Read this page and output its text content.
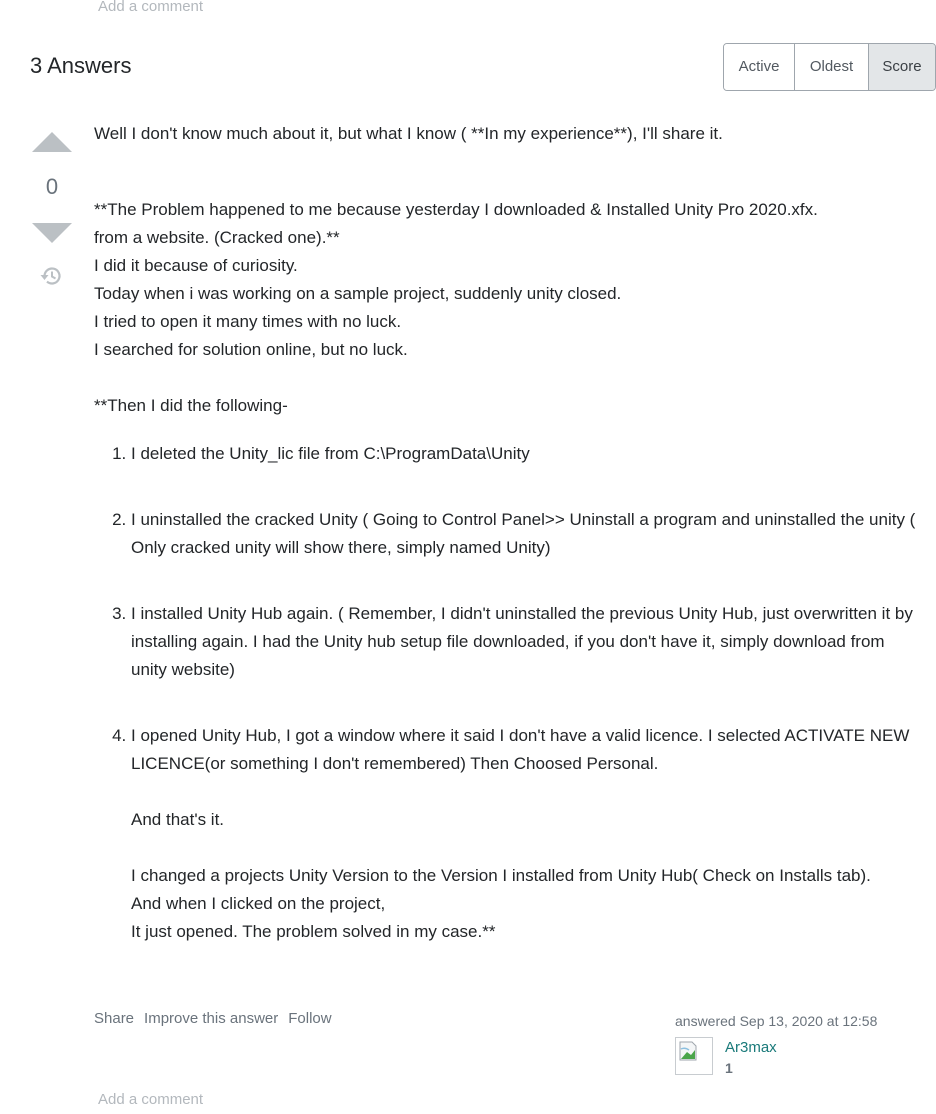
Add a comment
3 Answers	Active	Oldest	Score
0

Well I don't know much about it, but what I know ( **In my experience**), I'll share it.

**The Problem happened to me because yesterday I downloaded & Installed Unity Pro 2020.xfx.
from a website. (Cracked one).**
I did it because of curiosity.
Today when i was working on a sample project, suddenly unity closed.
I tried to open it many times with no luck.
I searched for solution online, but no luck.

**Then I did the following-

1. I deleted the Unity_lic file from C:\ProgramData\Unity
2. I uninstalled the cracked Unity ( Going to Control Panel>> Uninstall a program and uninstalled the unity ( Only cracked unity will show there, simply named Unity)
3. I installed Unity Hub again. ( Remember, I didn't uninstalled the previous Unity Hub, just overwritten it by installing again. I had the Unity hub setup file downloaded, if you don't have it, simply download from unity website)
4. I opened Unity Hub, I got a window where it said I don't have a valid licence. I selected ACTIVATE NEW LICENCE(or something I don't remembered) Then Choosed Personal.
And that's it.
I changed a projects Unity Version to the Version I installed from Unity Hub( Check on Installs tab).
And when I clicked on the project,
It just opened. The problem solved in my case.**
Share Improve this answer Follow	answered Sep 13, 2020 at 12:58
Ar3max
1
Add a comment
